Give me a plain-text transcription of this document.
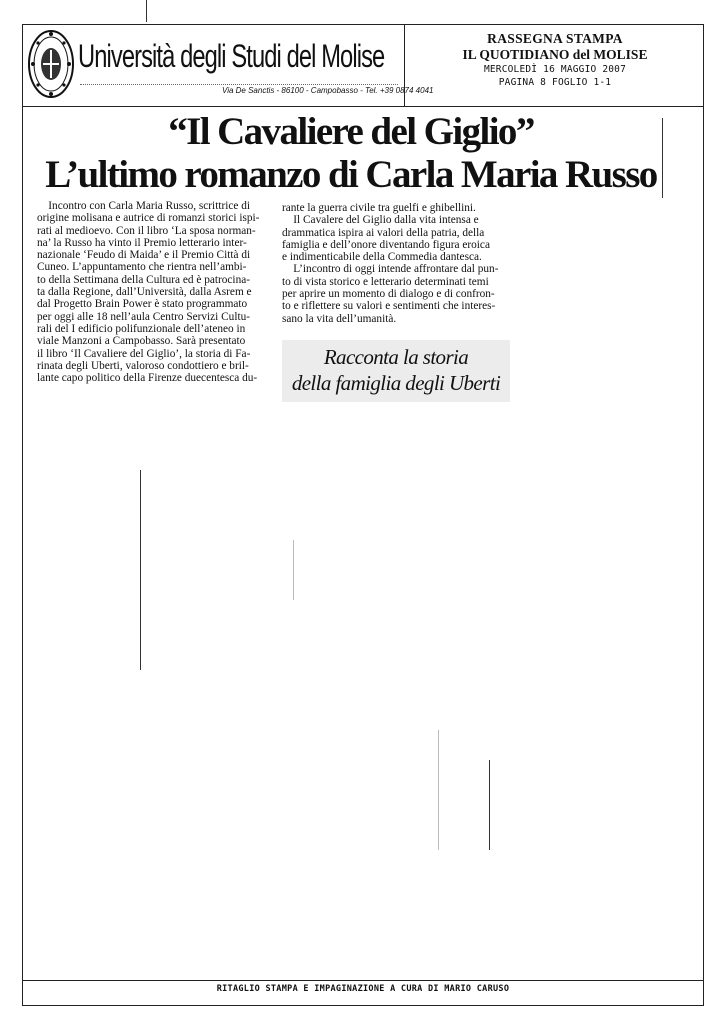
Università degli Studi del Molise
Via De Sanctis - 86100 - Campobasso - Tel. +39 0874 4041
RASSEGNA STAMPA
IL QUOTIDIANO del MOLISE
MERCOLEDÌ 16 MAGGIO 2007
PAGINA 8 FOGLIO 1-1
“Il Cavaliere del Giglio”
L’ultimo romanzo di Carla Maria Russo
Incontro con Carla Maria Russo, scrittrice di
origine molisana e autrice di romanzi storici ispi-
rati al medioevo. Con il libro ‘La sposa norman-
na’ la Russo ha vinto il Premio letterario inter-
nazionale ‘Feudo di Maida’ e il Premio Città di
Cuneo. L’appuntamento che rientra nell’ambi-
to della Settimana della Cultura ed è patrocina-
ta dalla Regione, dall’Università, dalla Asrem e
dal Progetto Brain Power è stato programmato
per oggi alle 18 nell’aula Centro Servizi Cultu-
rali del I edificio polifunzionale dell’ateneo in
viale Manzoni a Campobasso. Sarà presentato
il libro ‘Il Cavaliere del Giglio’, la storia di Fa-
rinata degli Uberti, valoroso condottiero e bril-
lante capo politico della Firenze duecentesca du-
rante la guerra civile tra guelfi e ghibellini.
Il Cavalere del Giglio dalla vita intensa e
drammatica ispira ai valori della patria, della
famiglia e dell’onore diventando figura eroica
e indimenticabile della Commedia dantesca.
L’incontro di oggi intende affrontare dal pun-
to di vista storico e letterario determinati temi
per aprire un momento di dialogo e di confron-
to e riflettere su valori e sentimenti che interes-
sano la vita dell’umanità.
Racconta la storia
della famiglia degli Uberti
RITAGLIO STAMPA E IMPAGINAZIONE A CURA DI MARIO CARUSO
